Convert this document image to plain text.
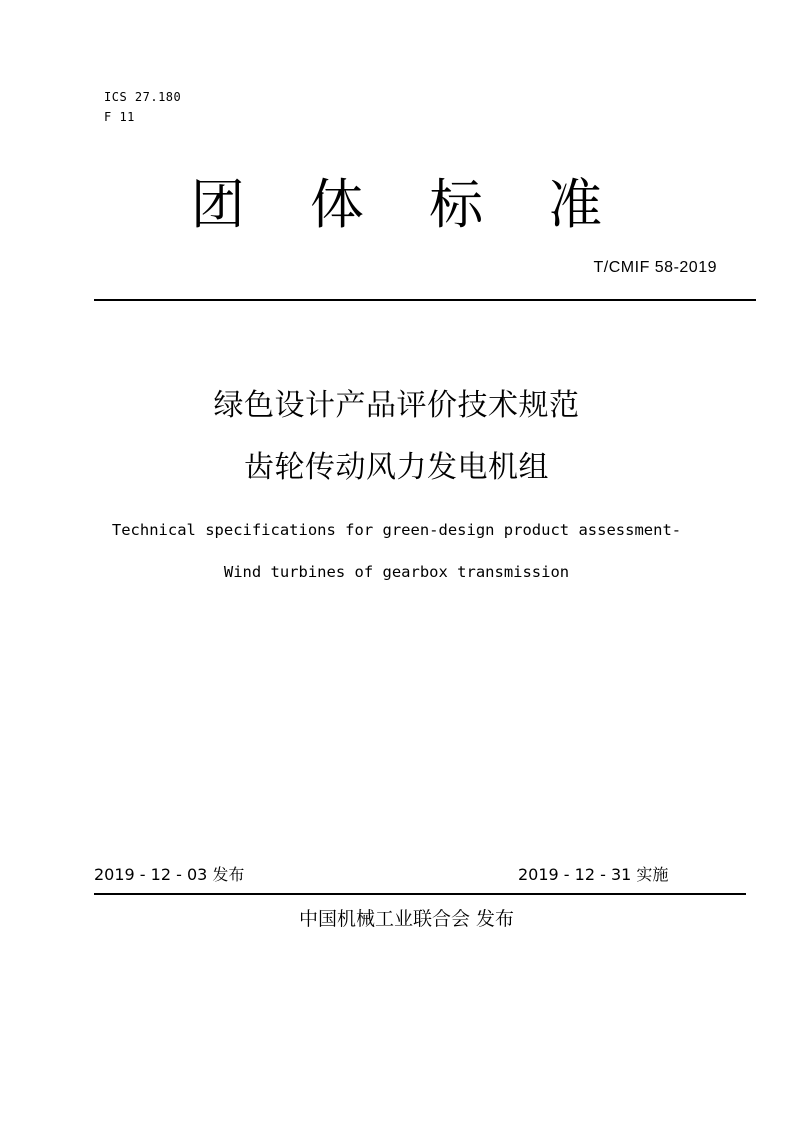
ICS 27.180
F 11
团 体 标 准
T/CMIF 58-2019
绿色设计产品评价技术规范
齿轮传动风力发电机组
Technical specifications for green-design product assessment-
Wind turbines of gearbox transmission
2019 - 12 - 03 发布	2019 - 12 - 31 实施
中国机械工业联合会 发布
